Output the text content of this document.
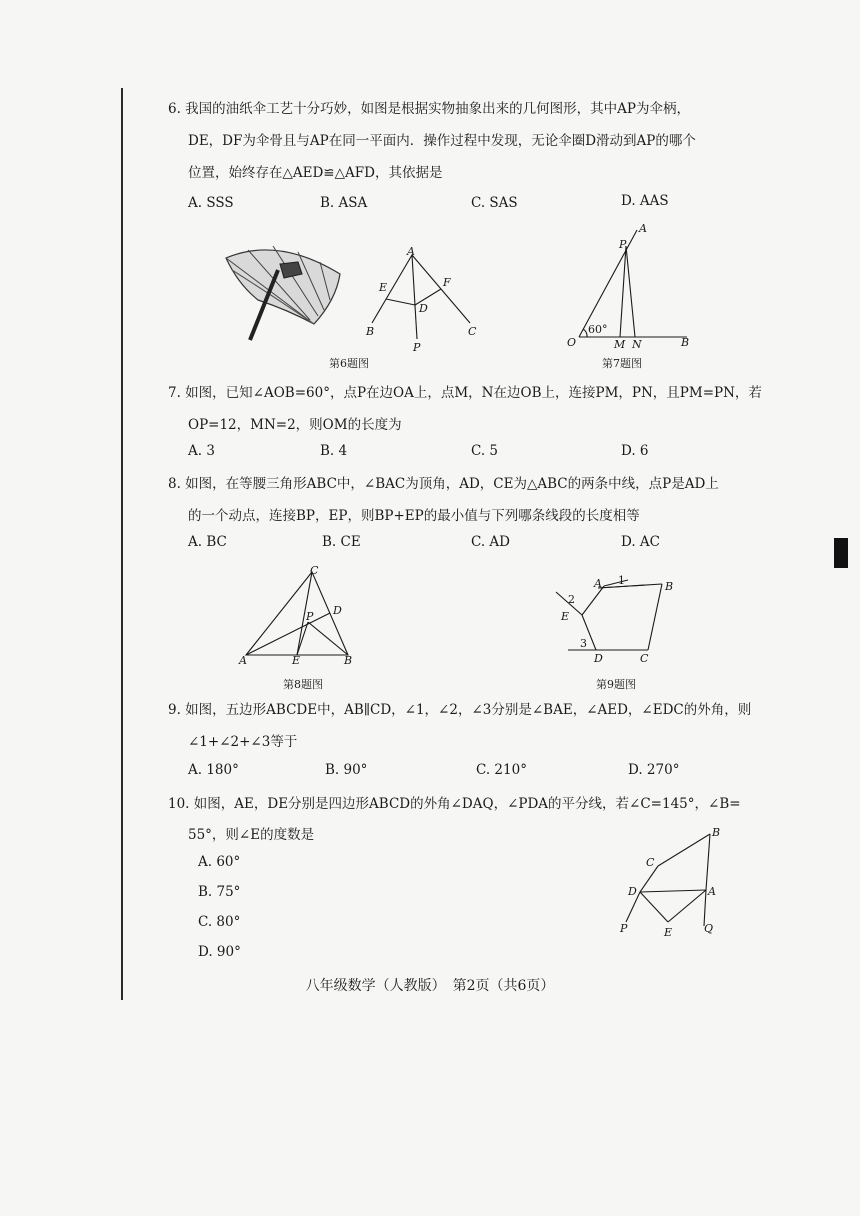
6. 我国的油纸伞工艺十分巧妙，如图是根据实物抽象出来的几何图形，其中AP为伞柄，
DE，DF为伞骨且与AP在同一平面内．操作过程中发现，无论伞圈D滑动到AP的哪个
位置，始终存在△AED≌△AFD，其依据是
A. SSS	B. ASA	C. SAS	D. AAS
A
E	F
D
B	C
P
第6题图
A
P
60°
O	M N	B
第7题图
7. 如图，已知∠AOB=60°，点P在边OA上，点M，N在边OB上，连接PM，PN，且PM=PN，若
OP=12，MN=2，则OM的长度为
A. 3	B. 4	C. 5	D. 6
8. 如图，在等腰三角形ABC中，∠BAC为顶角，AD，CE为△ABC的两条中线，点P是AD上
的一个动点，连接BP，EP，则BP+EP的最小值与下列哪条线段的长度相等
A. BC	B. CE	C. AD	D. AC
C
P D
A	E	B
第8题图
A 1	B
2
E
3
D	C
第9题图
9. 如图，五边形ABCDE中，AB∥CD，∠1，∠2，∠3分别是∠BAE，∠AED，∠EDC的外角，则
∠1+∠2+∠3等于
A. 180°	B. 90°	C. 210°	D. 270°
10. 如图，AE，DE分别是四边形ABCD的外角∠DAQ，∠PDA的平分线，若∠C=145°，∠B=
55°，则∠E的度数是
A. 60°
B. 75°
C. 80°
D. 90°
B
C
D	A
P	E	Q
八年级数学（人教版）　第2页（共6页）
